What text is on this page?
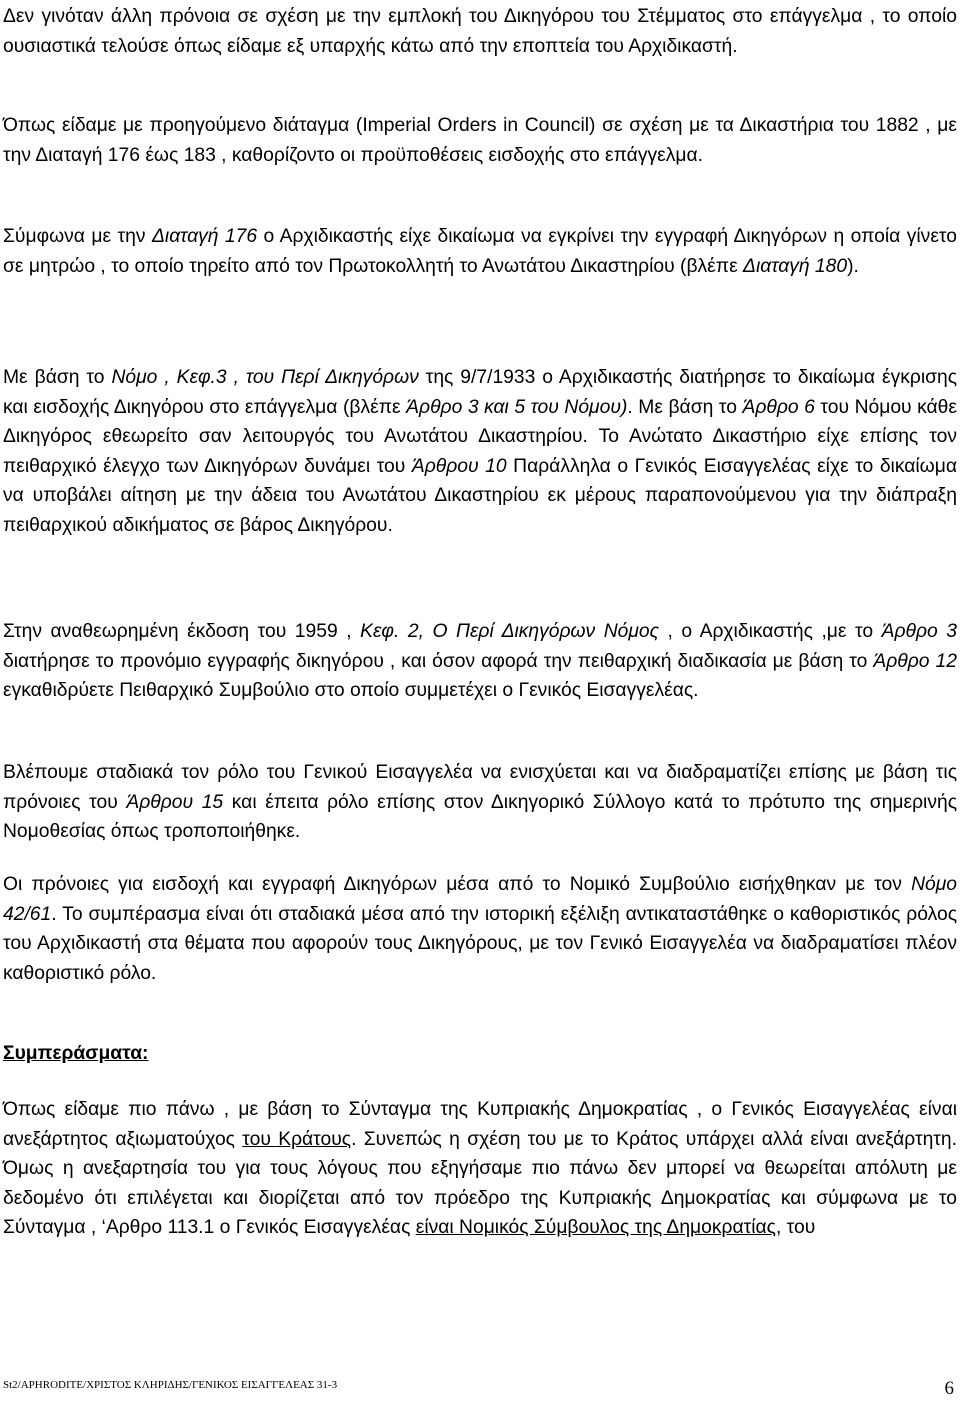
Δεν γινόταν άλλη πρόνοια σε σχέση με την εμπλοκή του Δικηγόρου του Στέμματος στο επάγγελμα , το οποίο ουσιαστικά τελούσε όπως είδαμε εξ υπαρχής κάτω από την εποπτεία του Αρχιδικαστή.

Όπως είδαμε με προηγούμενο διάταγμα (Imperial Orders in Council) σε σχέση με τα Δικαστήρια του 1882 , με την Διαταγή 176 έως 183 , καθορίζοντο οι προϋποθέσεις εισδοχής στο επάγγελμα.

Σύμφωνα με την Διαταγή 176 ο Αρχιδικαστής είχε δικαίωμα να εγκρίνει την εγγραφή Δικηγόρων η οποία γίνετο σε μητρώο , το οποίο τηρείτο από τον Πρωτοκολλητή το Ανωτάτου Δικαστηρίου (βλέπε Διαταγή 180).

Με βάση το Νόμο , Κεφ.3 , του Περί Δικηγόρων της 9/7/1933 ο Αρχιδικαστής διατήρησε το δικαίωμα έγκρισης και εισδοχής Δικηγόρου στο επάγγελμα (βλέπε Άρθρο 3 και 5 του Νόμου). Με βάση το Άρθρο 6 του Νόμου κάθε Δικηγόρος εθεωρείτο σαν λειτουργός του Ανωτάτου Δικαστηρίου. Το Ανώτατο Δικαστήριο είχε επίσης τον πειθαρχικό έλεγχο των Δικηγόρων δυνάμει του Άρθρου 10 Παράλληλα ο Γενικός Εισαγγελέας είχε το δικαίωμα να υποβάλει αίτηση με την άδεια του Ανωτάτου Δικαστηρίου εκ μέρους παραπονούμενου για την διάπραξη πειθαρχικού αδικήματος σε βάρος Δικηγόρου.

Στην αναθεωρημένη έκδοση του 1959 , Κεφ. 2, Ο Περί Δικηγόρων Νόμος , ο Αρχιδικαστής ,με το Άρθρο 3 διατήρησε το προνόμιο εγγραφής δικηγόρου , και όσον αφορά την πειθαρχική διαδικασία με βάση το Άρθρο 12 εγκαθιδρύετε Πειθαρχικό Συμβούλιο στο οποίο συμμετέχει ο Γενικός Εισαγγελέας.

Βλέπουμε σταδιακά τον ρόλο του Γενικού Εισαγγελέα να ενισχύεται και να διαδραματίζει επίσης με βάση τις πρόνοιες του Άρθρου 15 και έπειτα ρόλο επίσης στον Δικηγορικό Σύλλογο κατά το πρότυπο της σημερινής Νομοθεσίας όπως τροποποιήθηκε.

Οι πρόνοιες για εισδοχή και εγγραφή Δικηγόρων μέσα από το Νομικό Συμβούλιο εισήχθηκαν με τον Νόμο 42/61. Το συμπέρασμα είναι ότι σταδιακά μέσα από την ιστορική εξέλιξη αντικαταστάθηκε ο καθοριστικός ρόλος του Αρχιδικαστή στα θέματα που αφορούν τους Δικηγόρους, με τον Γενικό Εισαγγελέα να διαδραματίσει πλέον καθοριστικό ρόλο.

Συμπεράσματα:

Όπως είδαμε πιο πάνω , με βάση το Σύνταγμα της Κυπριακής Δημοκρατίας , ο Γενικός Εισαγγελέας είναι ανεξάρτητος αξιωματούχος του Κράτους. Συνεπώς η σχέση του με το Κράτος υπάρχει αλλά είναι ανεξάρτητη. Όμως η ανεξαρτησία του για τους λόγους που εξηγήσαμε πιο πάνω δεν μπορεί να θεωρείται απόλυτη με δεδομένο ότι επιλέγεται και διορίζεται από τον πρόεδρο της Κυπριακής Δημοκρατίας και σύμφωνα με το Σύνταγμα , ‘Αρθρο 113.1 ο Γενικός Εισαγγελέας είναι Νομικός Σύμβουλος της Δημοκρατίας, του

St2/APHRODITE/ΧΡΙΣΤΟΣ ΚΛΗΡΙΔΗΣ/ΓΕΝΙΚΟΣ ΕΙΣΑΓΓΕΛΕΑΣ 31-3	6
